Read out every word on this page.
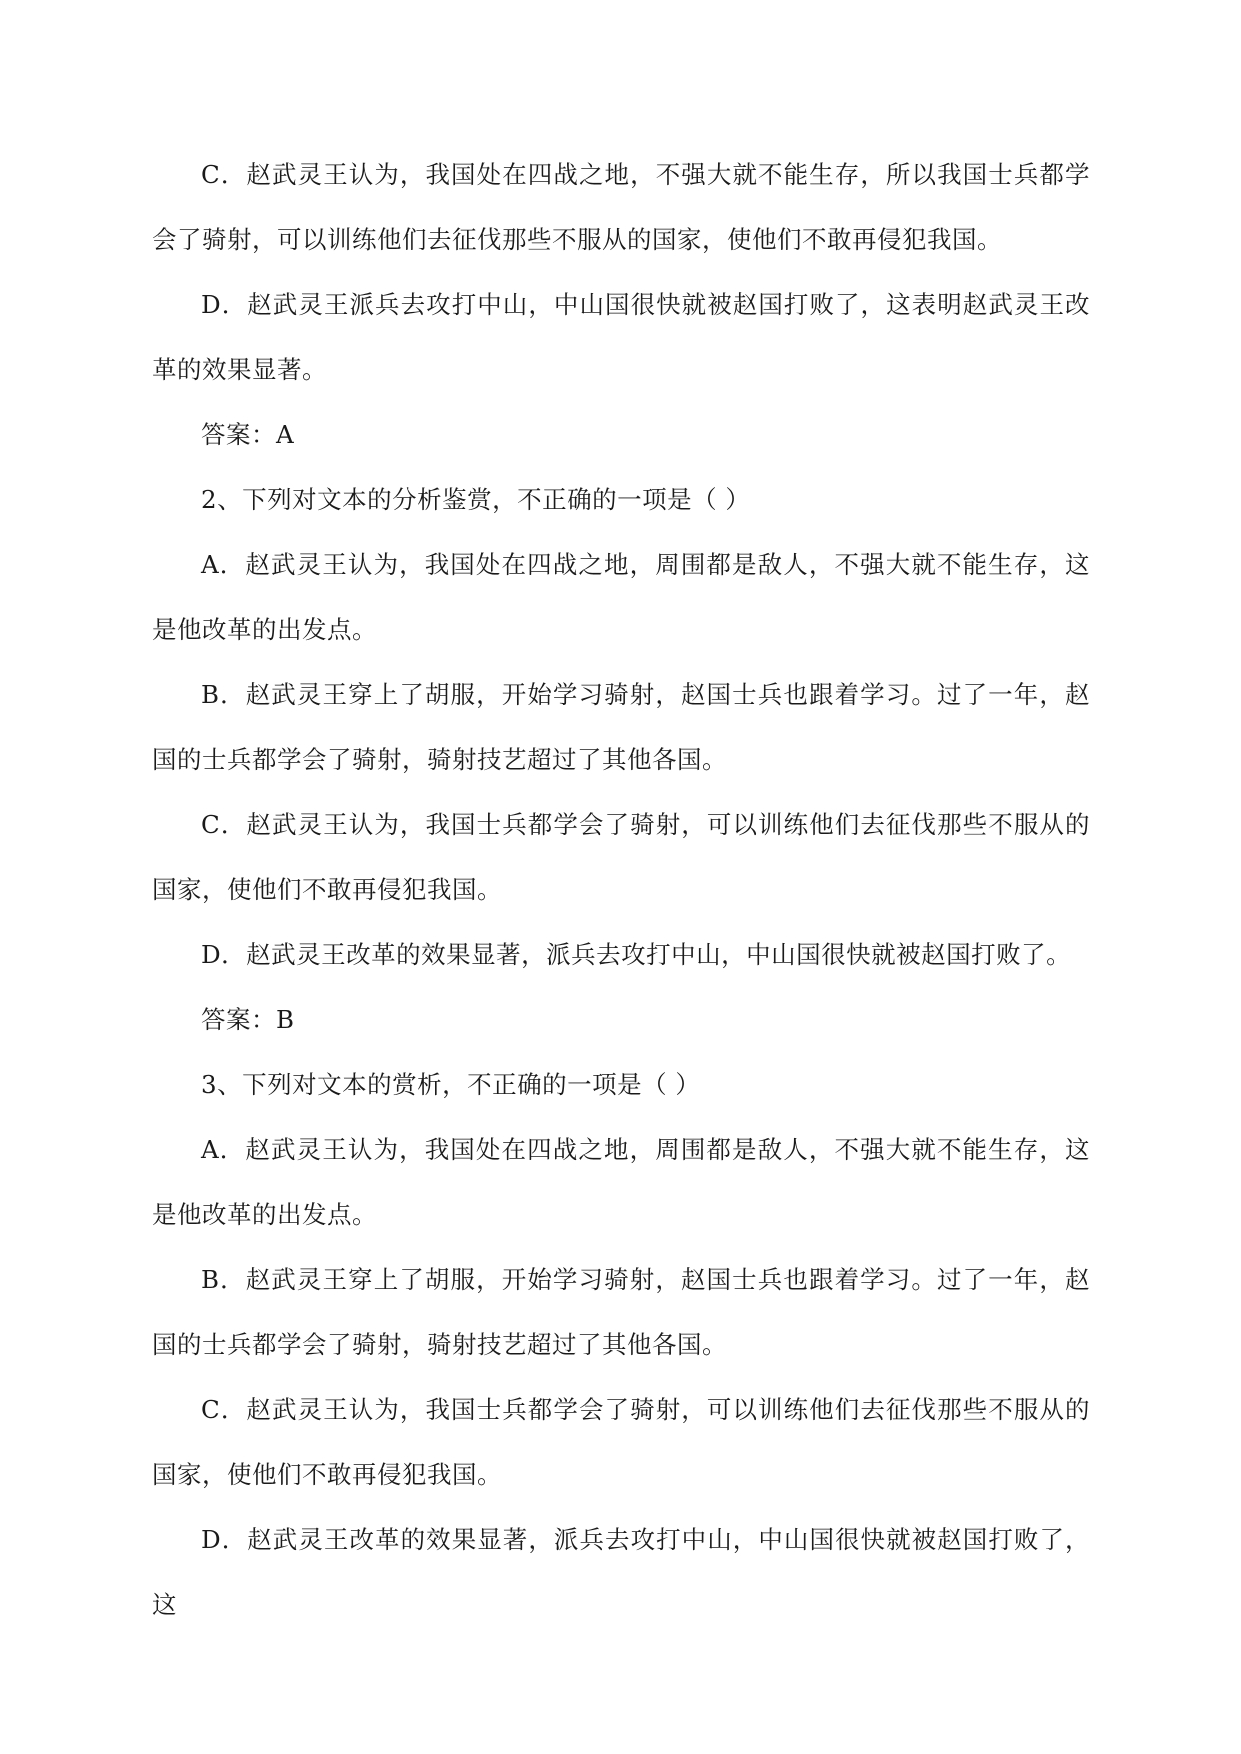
C．赵武灵王认为，我国处在四战之地，不强大就不能生存，所以我国士兵都学会了骑射，可以训练他们去征伐那些不服从的国家，使他们不敢再侵犯我国。

D．赵武灵王派兵去攻打中山，中山国很快就被赵国打败了，这表明赵武灵王改革的效果显著。

答案：A

2、下列对文本的分析鉴赏，不正确的一项是（ ）

A．赵武灵王认为，我国处在四战之地，周围都是敌人，不强大就不能生存，这是他改革的出发点。

B．赵武灵王穿上了胡服，开始学习骑射，赵国士兵也跟着学习。过了一年，赵国的士兵都学会了骑射，骑射技艺超过了其他各国。

C．赵武灵王认为，我国士兵都学会了骑射，可以训练他们去征伐那些不服从的国家，使他们不敢再侵犯我国。

D．赵武灵王改革的效果显著，派兵去攻打中山，中山国很快就被赵国打败了。

答案：B

3、下列对文本的赏析，不正确的一项是（ ）

A．赵武灵王认为，我国处在四战之地，周围都是敌人，不强大就不能生存，这是他改革的出发点。

B．赵武灵王穿上了胡服，开始学习骑射，赵国士兵也跟着学习。过了一年，赵国的士兵都学会了骑射，骑射技艺超过了其他各国。

C．赵武灵王认为，我国士兵都学会了骑射，可以训练他们去征伐那些不服从的国家，使他们不敢再侵犯我国。

D．赵武灵王改革的效果显著，派兵去攻打中山，中山国很快就被赵国打败了，这
